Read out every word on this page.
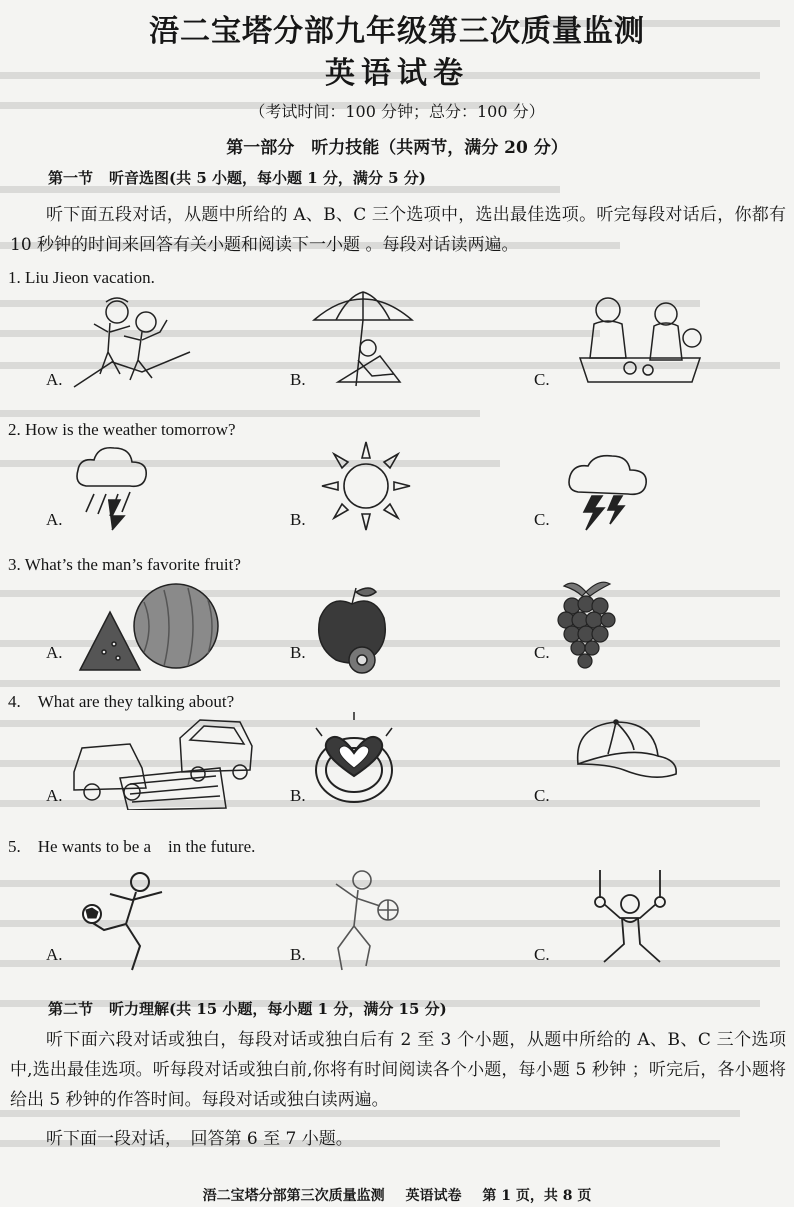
浯二宝塔分部九年级第三次质量监测
英语试卷
（考试时间：100 分钟；总分：100 分）
第一部分　听力技能（共两节，满分 20 分）
第一节 听音选图(共 5 小题，每小题 1 分，满分 5 分)
听下面五段对话，从题中所给的 A、B、C 三个选项中，选出最佳选项。听完每段对话后，你都有 10 秒钟的时间来回答有关小题和阅读下一小题 。每段对话读两遍。
1. Liu Jieon vacation.
A.	B.	C.
2. How is the weather tomorrow?
A.	B.	C.
3. What’s the man’s favorite fruit?
A.	B.	C.
4.　What are they talking about?
A.	B.	C.
5.　He wants to be a　in the future.
A.	B.	C.
第二节 听力理解(共 15 小题，每小题 1 分，满分 15 分)
听下面六段对话或独白，每段对话或独白后有 2 至 3 个小题，从题中所给的 A、B、C 三个选项中,选出最佳选项。听每段对话或独白前,你将有时间阅读各个小题，每小题 5 秒钟 ；听完后，各小题将给出 5 秒钟的作答时间。每段对话或独白读两遍。
听下面一段对话，　回答第 6 至 7 小题。
浯二宝塔分部第三次质量监测 英语试卷 第 1 页，共 8 页
